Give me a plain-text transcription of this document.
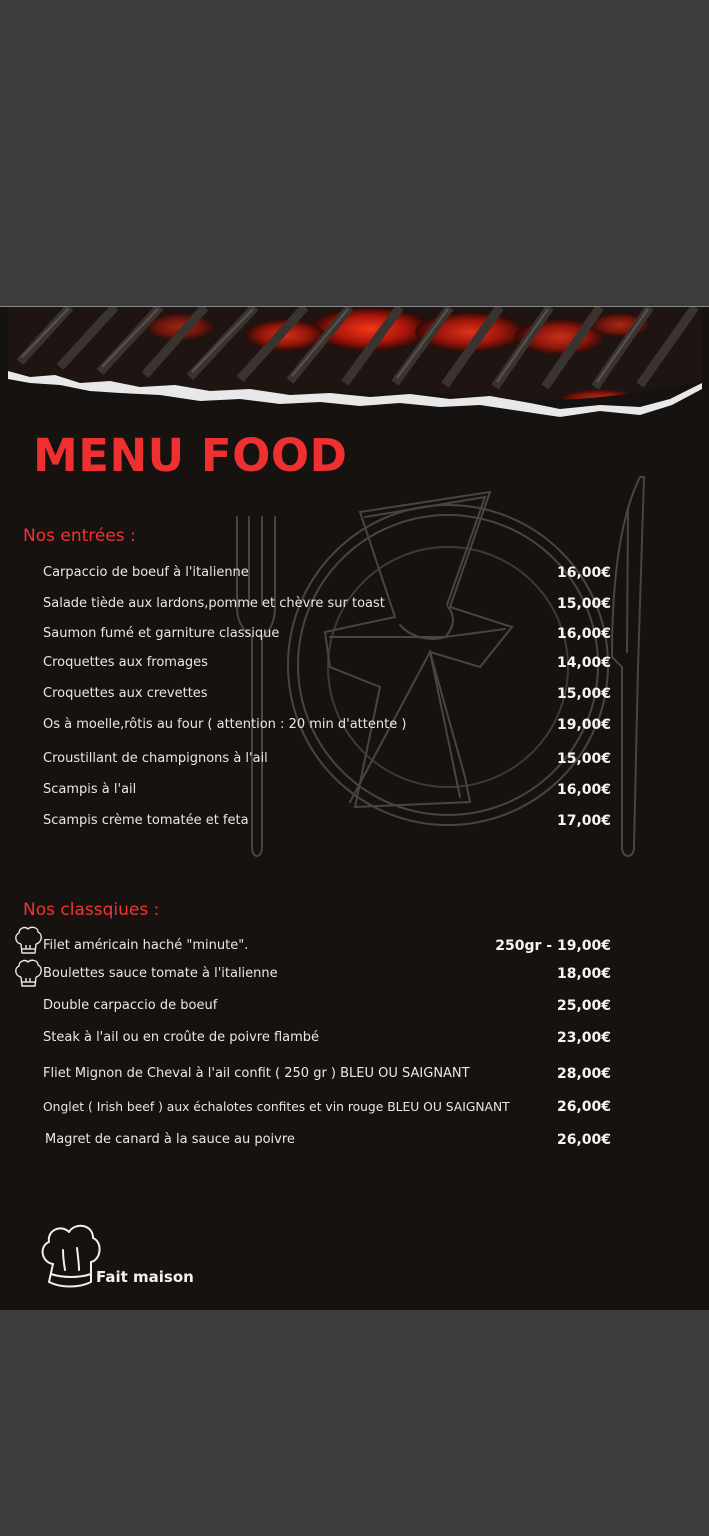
MENU FOOD
Nos entrées :
Carpaccio de boeuf à l'italienne	16,00€
Salade tiède aux lardons,pomme et chèvre sur toast	15,00€
Saumon fumé et garniture classique	16,00€
Croquettes aux fromages	14,00€
Croquettes aux crevettes	15,00€
Os à moelle,rôtis au four ( attention : 20 min d'attente )	19,00€
Croustillant de champignons à l'ail	15,00€
Scampis à l'ail	16,00€
Scampis crème tomatée et feta	17,00€
Nos classqiues :
Filet américain haché "minute".	250gr - 19,00€
Boulettes sauce tomate à l'italienne	18,00€
Double carpaccio de boeuf	25,00€
Steak à l'ail ou en croûte de poivre flambé	23,00€
Fliet Mignon de Cheval à l'ail confit ( 250 gr ) BLEU OU SAIGNANT	28,00€
Onglet ( Irish beef ) aux échalotes confites et vin rouge BLEU OU SAIGNANT	26,00€
Magret de canard à la sauce au poivre	26,00€
Fait maison
